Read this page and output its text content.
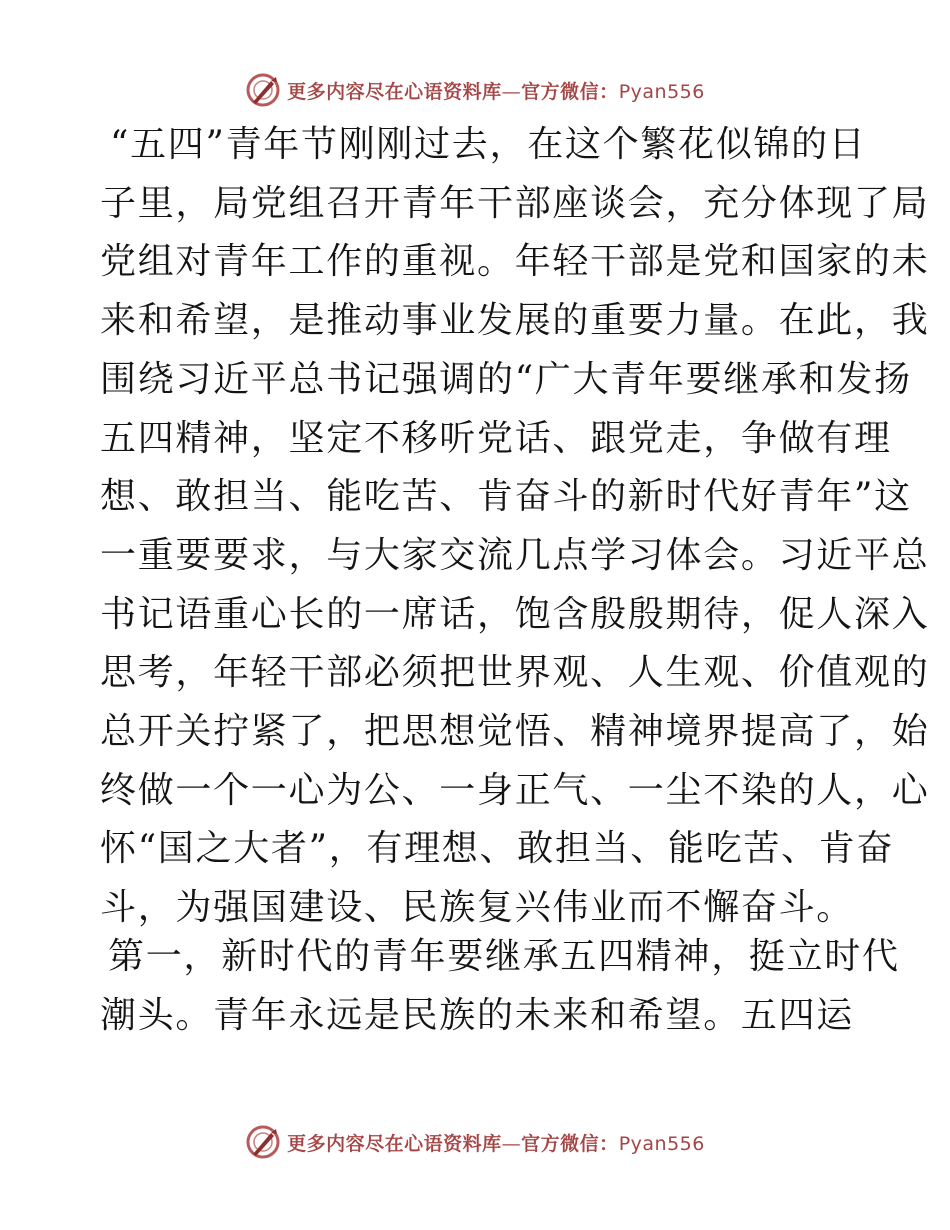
更多内容尽在心语资料库—官方微信：Pyan556
“五四”青年节刚刚过去，在这个繁花似锦的日
子里，局党组召开青年干部座谈会，充分体现了局
党组对青年工作的重视。年轻干部是党和国家的未
来和希望，是推动事业发展的重要力量。在此，我
围绕习近平总书记强调的“广大青年要继承和发扬
五四精神，坚定不移听党话、跟党走，争做有理
想、敢担当、能吃苦、肯奋斗的新时代好青年”这
一重要要求，与大家交流几点学习体会。习近平总
书记语重心长的一席话，饱含殷殷期待，促人深入
思考，年轻干部必须把世界观、人生观、价值观的
总开关拧紧了，把思想觉悟、精神境界提高了，始
终做一个一心为公、一身正气、一尘不染的人，心
怀“国之大者”，有理想、敢担当、能吃苦、肯奋
斗，为强国建设、民族复兴伟业而不懈奋斗。
第一，新时代的青年要继承五四精神，挺立时代
潮头。青年永远是民族的未来和希望。五四运
更多内容尽在心语资料库—官方微信：Pyan556
